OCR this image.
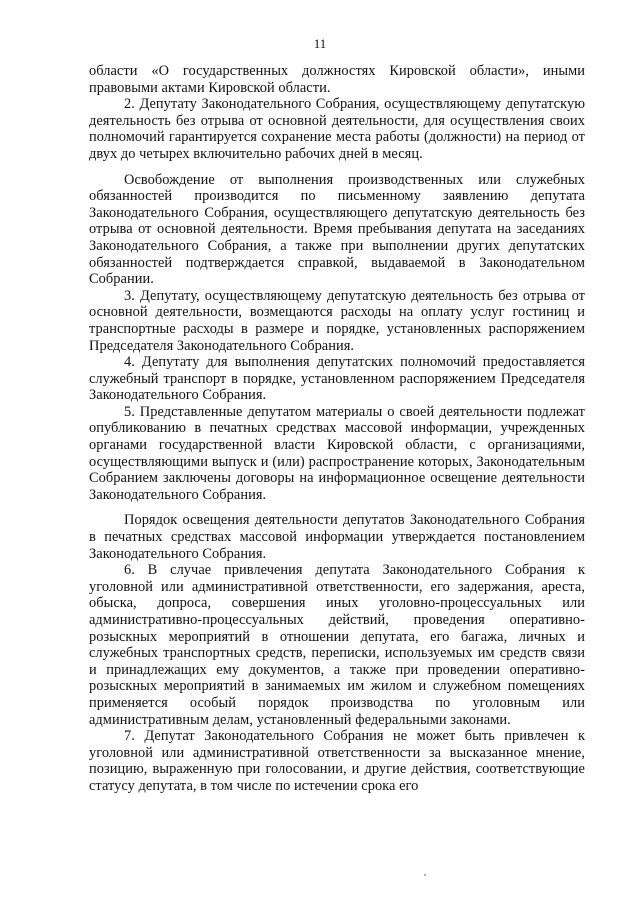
11

области «О государственных должностях Кировской области», иными правовыми актами Кировской области.

2. Депутату Законодательного Собрания, осуществляющему депутатскую деятельность без отрыва от основной деятельности, для осуществления своих полномочий гарантируется сохранение места работы (должности) на период от двух до четырех включительно рабочих дней в месяц.

Освобождение от выполнения производственных или служебных обязанностей производится по письменному заявлению депутата Законодательного Собрания, осуществляющего депутатскую деятельность без отрыва от основной деятельности. Время пребывания депутата на заседаниях Законодательного Собрания, а также при выполнении других депутатских обязанностей подтверждается справкой, выдаваемой в Законодательном Собрании.

3. Депутату, осуществляющему депутатскую деятельность без отрыва от основной деятельности, возмещаются расходы на оплату услуг гостиниц и транспортные расходы в размере и порядке, установленных распоряжением Председателя Законодательного Собрания.

4. Депутату для выполнения депутатских полномочий предоставляется служебный транспорт в порядке, установленном распоряжением Председателя Законодательного Собрания.

5. Представленные депутатом материалы о своей деятельности подлежат опубликованию в печатных средствах массовой информации, учрежденных органами государственной власти Кировской области, с организациями, осуществляющими выпуск и (или) распространение которых, Законодательным Собранием заключены договоры на информационное освещение деятельности Законодательного Собрания.

Порядок освещения деятельности депутатов Законодательного Собрания в печатных средствах массовой информации утверждается постановлением Законодательного Собрания.

6. В случае привлечения депутата Законодательного Собрания к уголовной или административной ответственности, его задержания, ареста, обыска, допроса, совершения иных уголовно-процессуальных или административно-процессуальных действий, проведения оперативно-розыскных мероприятий в отношении депутата, его багажа, личных и служебных транспортных средств, переписки, используемых им средств связи и принадлежащих ему документов, а также при проведении оперативно-розыскных мероприятий в занимаемых им жилом и служебном помещениях применяется особый порядок производства по уголовным или административным делам, установленный федеральными законами.

7. Депутат Законодательного Собрания не может быть привлечен к уголовной или административной ответственности за высказанное мнение, позицию, выраженную при голосовании, и другие действия, соответствующие статусу депутата, в том числе по истечении срока его
